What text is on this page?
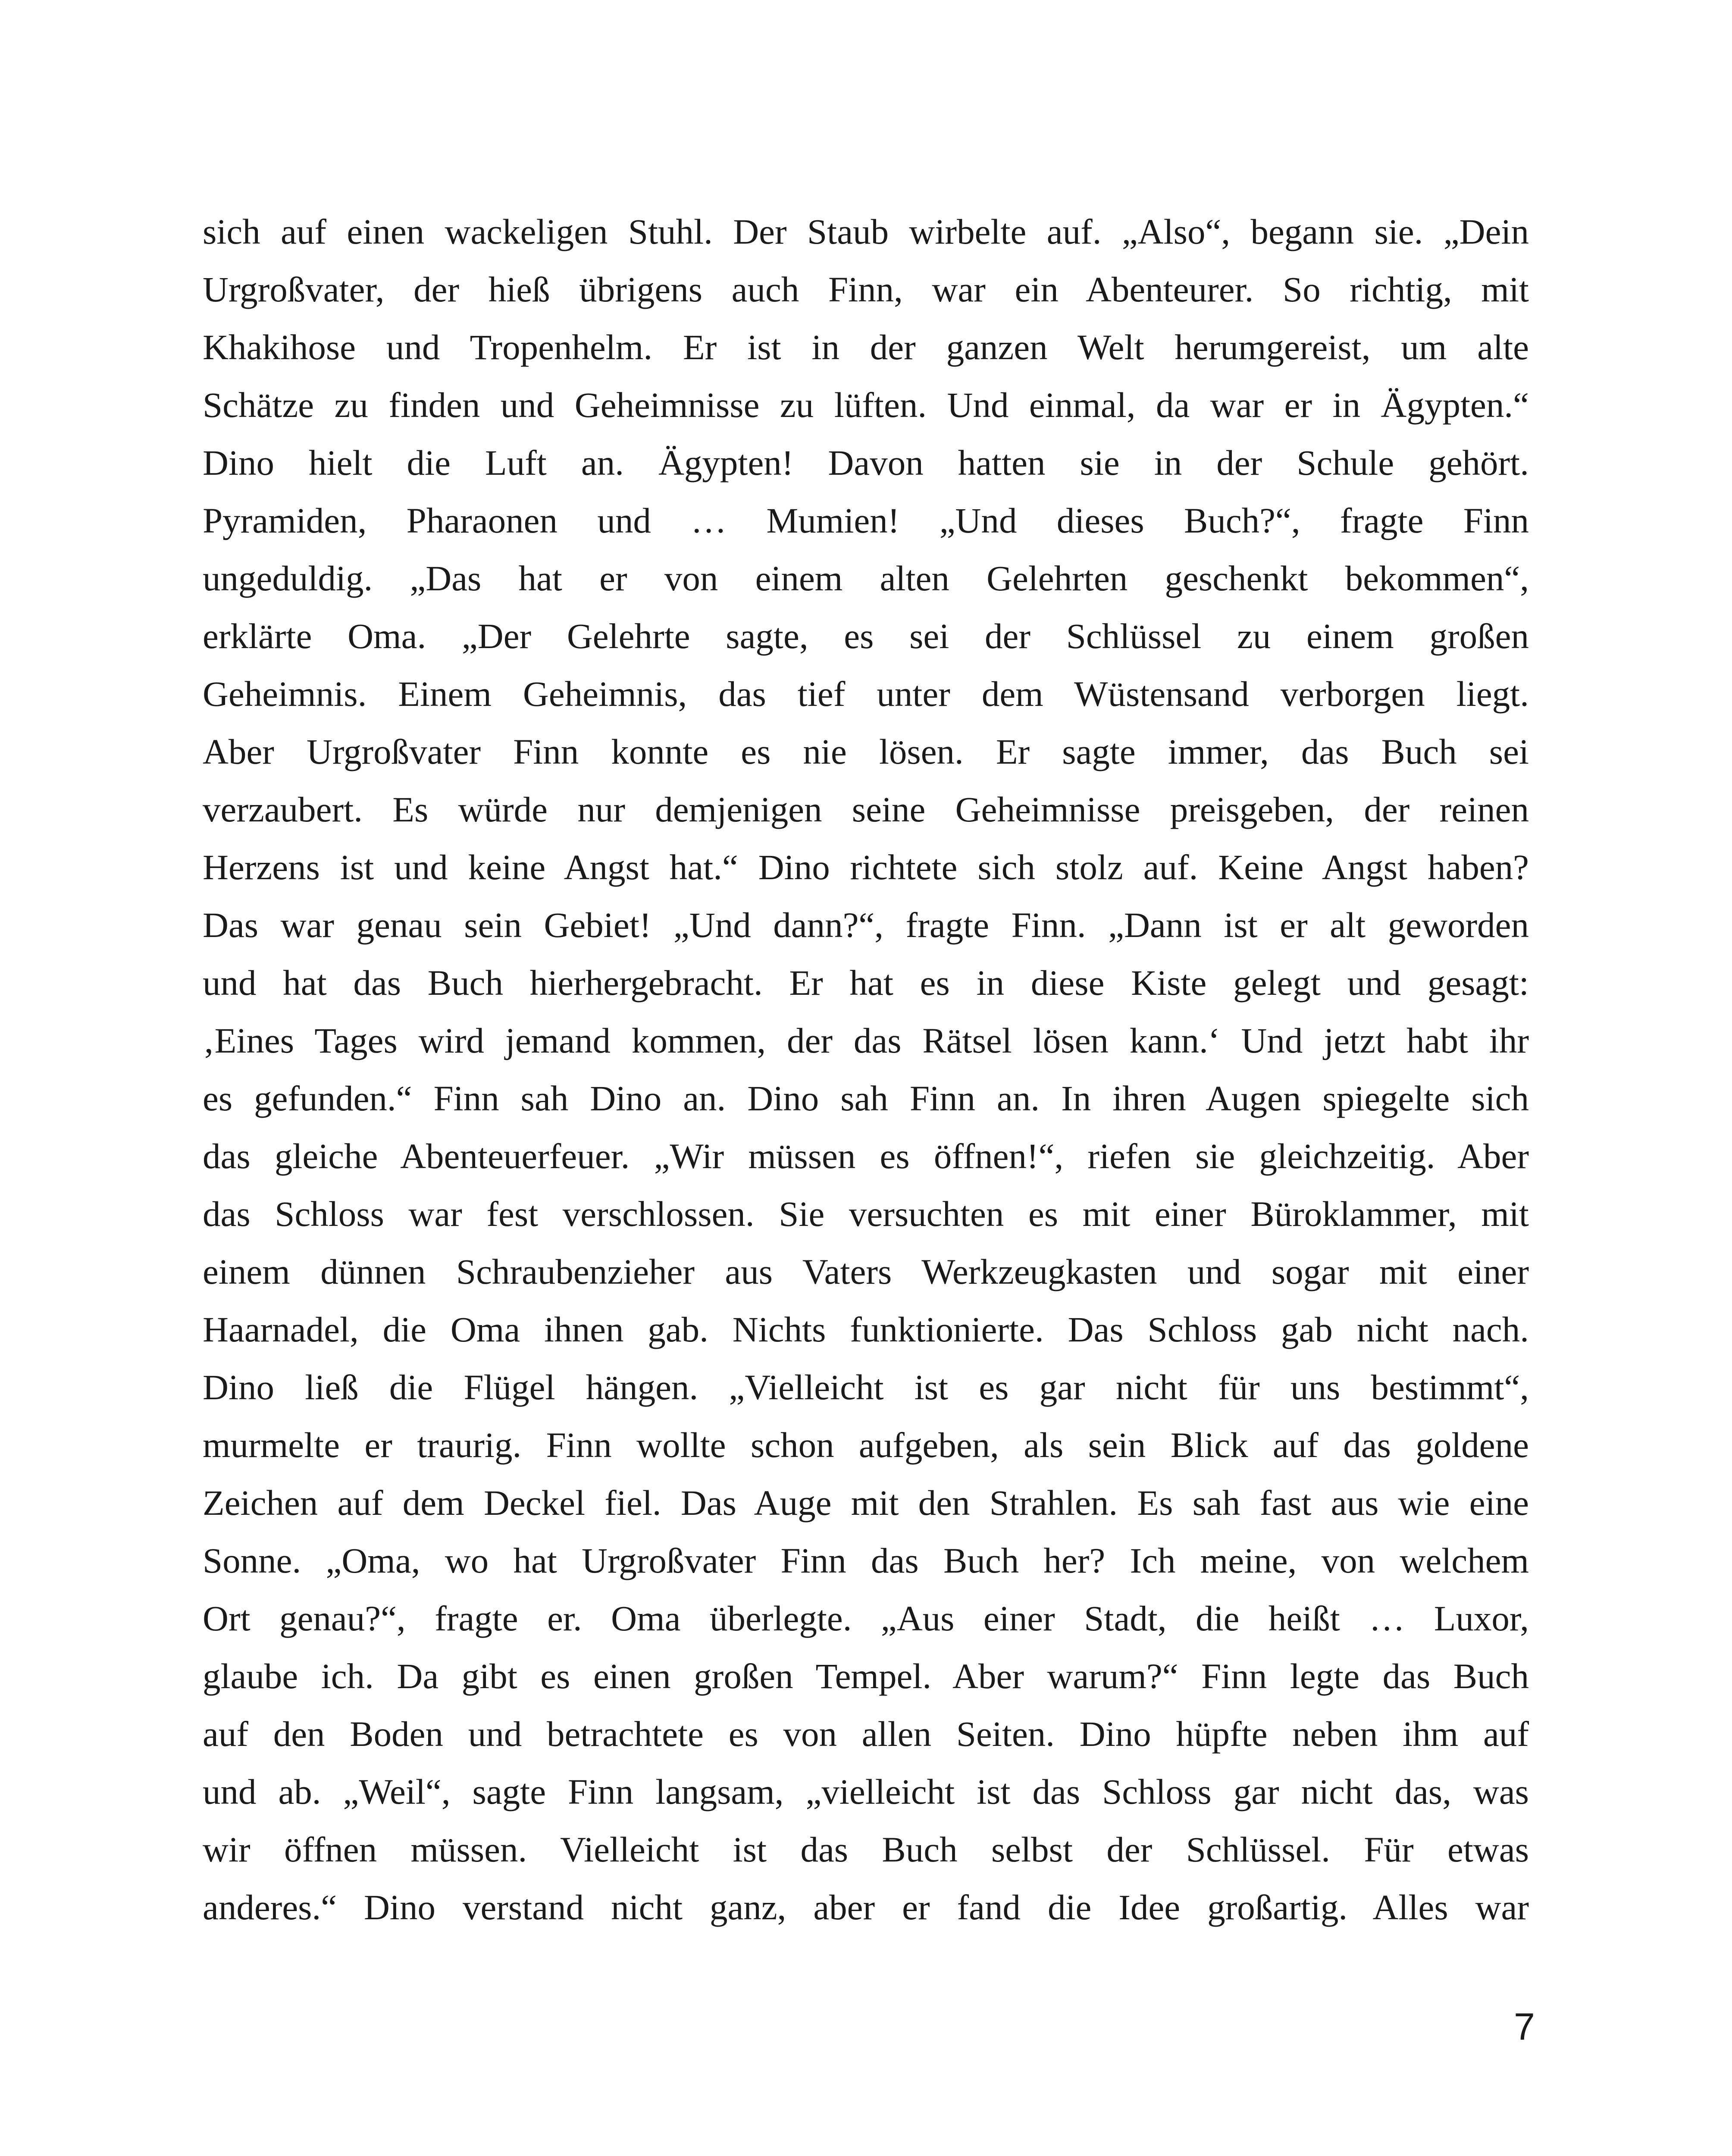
sich auf einen wackeligen Stuhl. Der Staub wirbelte auf. „Also“, begann sie. „Dein
Urgroßvater, der hieß übrigens auch Finn, war ein Abenteurer. So richtig, mit
Khakihose und Tropenhelm. Er ist in der ganzen Welt herumgereist, um alte
Schätze zu finden und Geheimnisse zu lüften. Und einmal, da war er in Ägypten.“
Dino hielt die Luft an. Ägypten! Davon hatten sie in der Schule gehört.
Pyramiden, Pharaonen und … Mumien! „Und dieses Buch?“, fragte Finn
ungeduldig. „Das hat er von einem alten Gelehrten geschenkt bekommen“,
erklärte Oma. „Der Gelehrte sagte, es sei der Schlüssel zu einem großen
Geheimnis. Einem Geheimnis, das tief unter dem Wüstensand verborgen liegt.
Aber Urgroßvater Finn konnte es nie lösen. Er sagte immer, das Buch sei
verzaubert. Es würde nur demjenigen seine Geheimnisse preisgeben, der reinen
Herzens ist und keine Angst hat.“ Dino richtete sich stolz auf. Keine Angst haben?
Das war genau sein Gebiet! „Und dann?“, fragte Finn. „Dann ist er alt geworden
und hat das Buch hierhergebracht. Er hat es in diese Kiste gelegt und gesagt:
‚Eines Tages wird jemand kommen, der das Rätsel lösen kann.‘ Und jetzt habt ihr
es gefunden.“ Finn sah Dino an. Dino sah Finn an. In ihren Augen spiegelte sich
das gleiche Abenteuerfeuer. „Wir müssen es öffnen!“, riefen sie gleichzeitig. Aber
das Schloss war fest verschlossen. Sie versuchten es mit einer Büroklammer, mit
einem dünnen Schraubenzieher aus Vaters Werkzeugkasten und sogar mit einer
Haarnadel, die Oma ihnen gab. Nichts funktionierte. Das Schloss gab nicht nach.
Dino ließ die Flügel hängen. „Vielleicht ist es gar nicht für uns bestimmt“,
murmelte er traurig. Finn wollte schon aufgeben, als sein Blick auf das goldene
Zeichen auf dem Deckel fiel. Das Auge mit den Strahlen. Es sah fast aus wie eine
Sonne. „Oma, wo hat Urgroßvater Finn das Buch her? Ich meine, von welchem
Ort genau?“, fragte er. Oma überlegte. „Aus einer Stadt, die heißt … Luxor,
glaube ich. Da gibt es einen großen Tempel. Aber warum?“ Finn legte das Buch
auf den Boden und betrachtete es von allen Seiten. Dino hüpfte neben ihm auf
und ab. „Weil“, sagte Finn langsam, „vielleicht ist das Schloss gar nicht das, was
wir öffnen müssen. Vielleicht ist das Buch selbst der Schlüssel. Für etwas
anderes.“ Dino verstand nicht ganz, aber er fand die Idee großartig. Alles war
7
